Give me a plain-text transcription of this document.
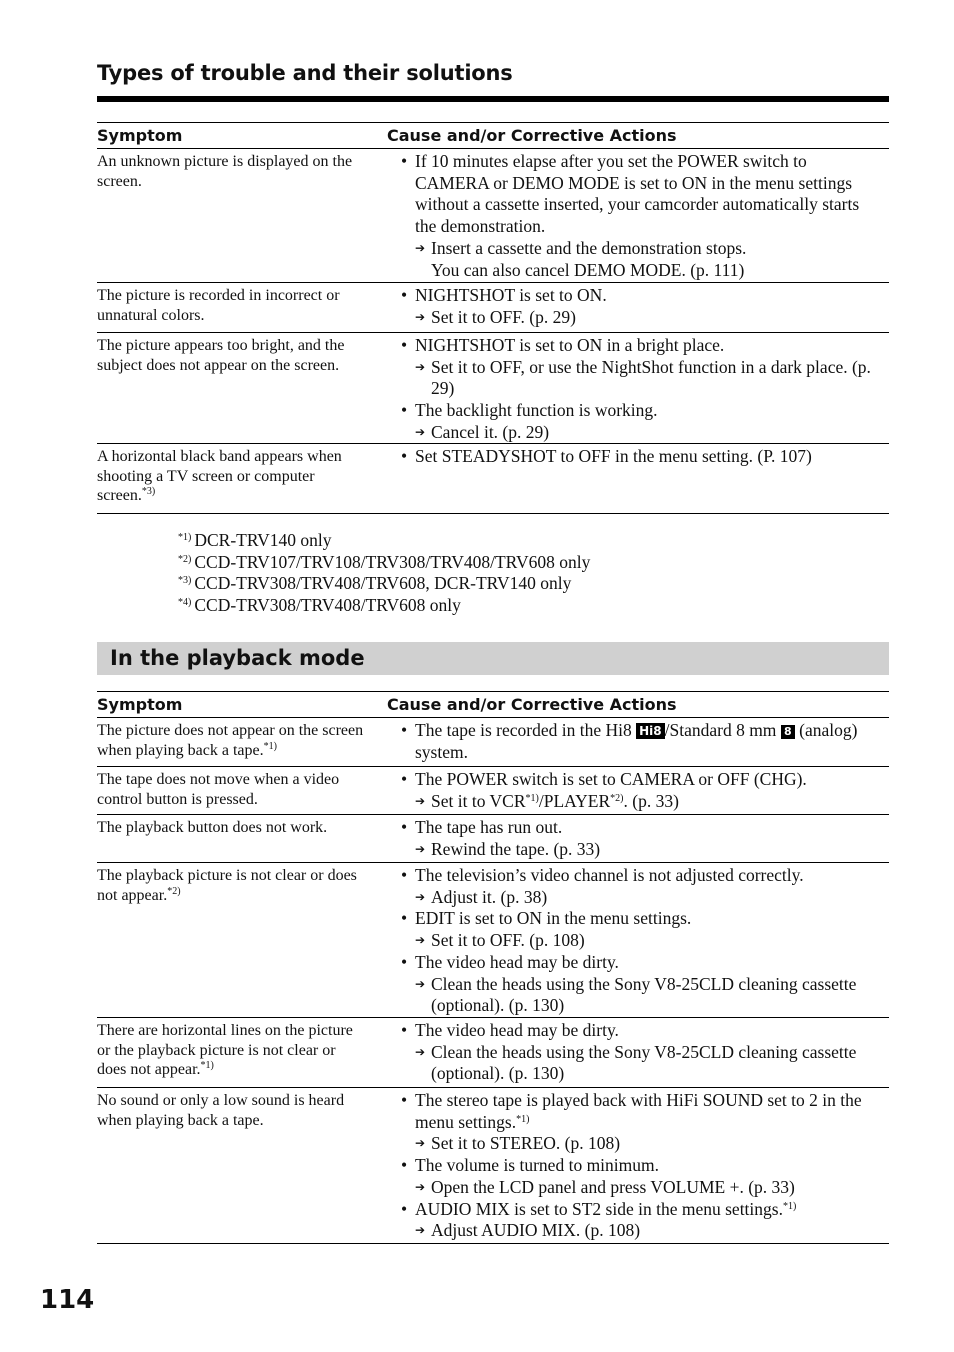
Types of trouble and their solutions
Symptom	Cause and/or Corrective Actions
An unknown picture is displayed on the screen.
• If 10 minutes elapse after you set the POWER switch to CAMERA or DEMO MODE is set to ON in the menu settings without a cassette inserted, your camcorder automatically starts the demonstration.
➔ Insert a cassette and the demonstration stops.
You can also cancel DEMO MODE. (p. 111)
The picture is recorded in incorrect or unnatural colors.
• NIGHTSHOT is set to ON.
➔ Set it to OFF. (p. 29)
The picture appears too bright, and the subject does not appear on the screen.
• NIGHTSHOT is set to ON in a bright place.
➔ Set it to OFF, or use the NightShot function in a dark place. (p. 29)
• The backlight function is working.
➔ Cancel it. (p. 29)
A horizontal black band appears when shooting a TV screen or computer screen.$^{*3)}$
• Set STEADYSHOT to OFF in the menu setting. (P. 107)
$^{*1)}$ DCR-TRV140 only
$^{*2)}$ CCD-TRV107/TRV108/TRV308/TRV408/TRV608 only
$^{*3)}$ CCD-TRV308/TRV408/TRV608, DCR-TRV140 only
$^{*4)}$ CCD-TRV308/TRV408/TRV608 only
In the playback mode
Symptom	Cause and/or Corrective Actions
The picture does not appear on the screen when playing back a tape.$^{*1)}$
• The tape is recorded in the Hi8 Hi8 /Standard 8 mm 8 (analog) system.
The tape does not move when a video control button is pressed.
• The POWER switch is set to CAMERA or OFF (CHG).
➔ Set it to VCR$^{*1)}$/PLAYER$^{*2)}$. (p. 33)
The playback button does not work.
•	The tape has run out.
➔ Rewind the tape. (p. 33)
The playback picture is not clear or does not appear.$^{*2)}$
• The television’s video channel is not adjusted correctly.
➔ Adjust it. (p. 38)
• EDIT is set to ON in the menu settings.
➔ Set it to OFF. (p. 108)
• The video head may be dirty.
➔ Clean the heads using the Sony V8-25CLD cleaning cassette (optional). (p. 130)
There are horizontal lines on the picture or the playback picture is not clear or does not appear.$^{*1)}$
• The video head may be dirty.
➔ Clean the heads using the Sony V8-25CLD cleaning cassette (optional). (p. 130)
No sound or only a low sound is heard when playing back a tape.
• The stereo tape is played back with HiFi SOUND set to 2 in the menu settings.$^{*1)}$
➔ Set it to STEREO. (p. 108)
• The volume is turned to minimum.
➔ Open the LCD panel and press VOLUME +. (p. 33)
• AUDIO MIX is set to ST2 side in the menu settings.$^{*1)}$
➔ Adjust AUDIO MIX. (p. 108)
114
